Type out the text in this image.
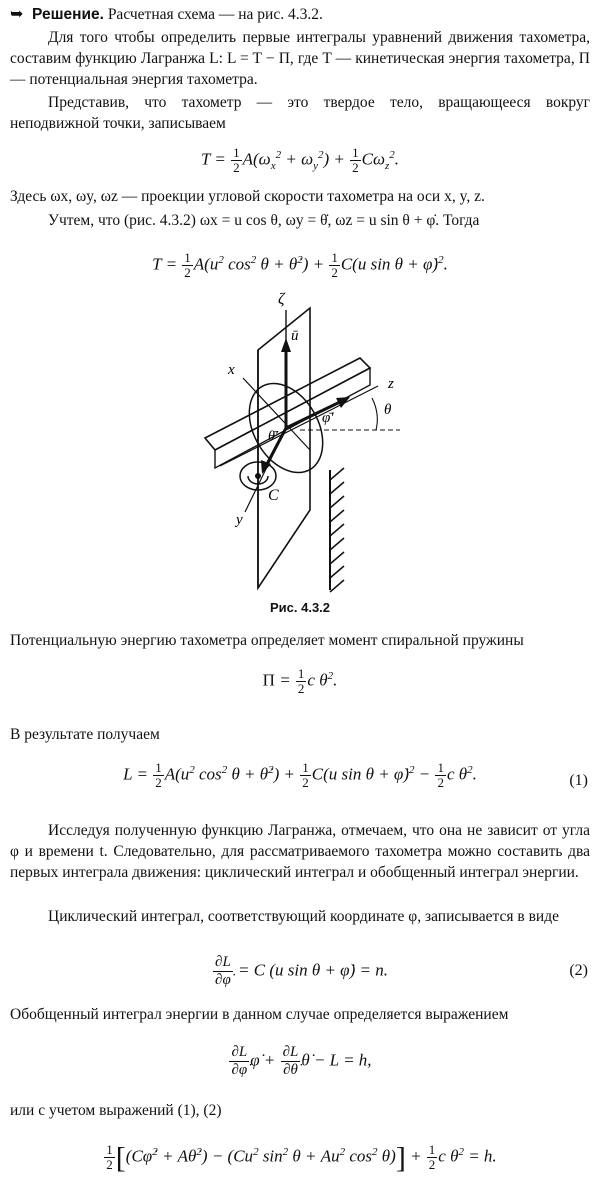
➥ Решение. Расчетная схема — на рис. 4.3.2.
Для того чтобы определить первые интегралы уравнений движения тахометра, составим функцию Лагранжа L: L = T − Π, где T — кинетическая энергия тахометра, Π — потенциальная энергия тахометра.
Представив, что тахометр — это твердое тело, вращающееся вокруг неподвижной точки, записываем
$T = \frac{1}{2} A(\omega_x^2 + \omega_y^2) + \frac{1}{2} C\omega_z^2$.
Здесь ωx, ωy, ωz — проекции угловой скорости тахометра на оси x, y, z.
Учтем, что (рис. 4.3.2) ωx = u cos θ, ωy = θ̇, ωz = u sin θ + φ̇. Тогда
$T = \frac{1}{2} A(u^2$ $\cos^2 \theta$ + θ̇$^2$) + $\frac{1}{2} C(u$ sin θ + φ̇)$^2$.
ζ
ū
x
z
θ
θ̄′
φ̄′
y
C
Рис. 4.3.2
Потенциальную энергию тахометра определяет момент спиральной пружины
$\Pi = \frac{1}{2}$ c $\theta^2$.
В результате получаем
$L = \frac{1}{2} A(u^2$ $\cos^2 \theta$ + θ̇$^2$) + $\frac{1}{2} C(u$ sin θ + φ̇)$^2$ − $\frac{1}{2}$ c $\theta^2$.	(1)
Исследуя полученную функцию Лагранжа, отмечаем, что она не зависит от угла φ и времени t. Следовательно, для рассматриваемого тахометра можно составить два первых интеграла движения: циклический интеграл и обобщенный интеграл энергии.
Циклический интеграл, соответствующий координате φ, записывается в виде
$\frac{\partial L}{\partial\varphi̇} = C$ (u sin θ + φ̇) = n.	(2)
Обобщенный интеграл энергии в данном случае определяется выражением
$\frac{\partial L}{\partial\varphi̇}$ φ̇ + $\frac{\partial L}{\partial\thetȧ}$ θ̇ − L = h,
или с учетом выражений (1), (2)
$\frac{1}{2}$ [(Cφ̇$^2$ + Aθ̇$^2$) − ($Cu^2$ $\sin^2 \theta + Au^2$ $\cos^2 \theta)] + \frac{1}{2}$ c $\theta^2 = h$.
